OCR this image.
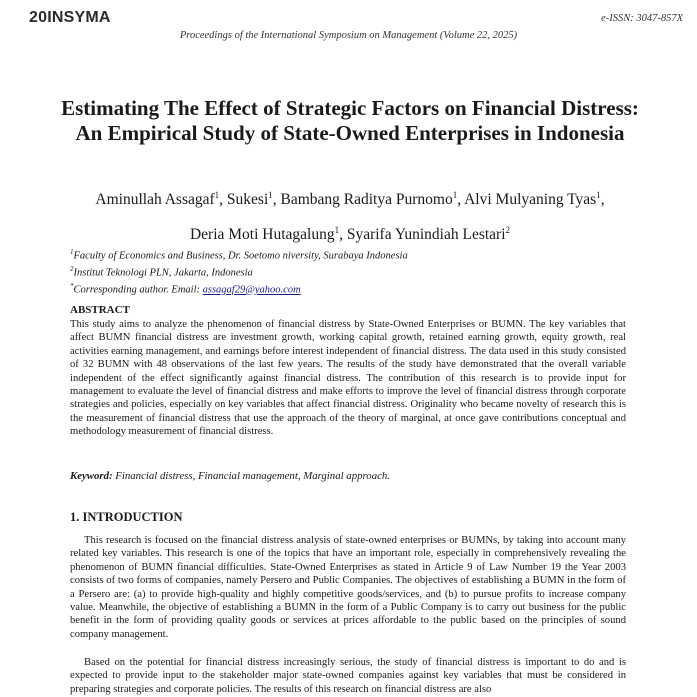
20INSYMA	e-ISSN: 3047-857X
Proceedings of the International Symposium on Management (Volume 22, 2025)
Estimating The Effect of Strategic Factors on Financial Distress: An Empirical Study of State-Owned Enterprises in Indonesia
Aminullah Assagaf$^1$, Sukesi$^1$, Bambang Raditya Purnomo$^1$, Alvi Mulyaning Tyas$^1$,
Deria Moti Hutagalung$^1$, Syarifa Yunindiah Lestari$^2$
$^1$Faculty of Economics and Business, Dr. Soetomo niversity, Surabaya Indonesia
$^2$Institut Teknologi PLN, Jakarta, Indonesia
*Corresponding author. Email: assagaf29@yahoo.com
ABSTRACT
This study aims to analyze the phenomenon of financial distress by State-Owned Enterprises or BUMN. The key variables that affect BUMN financial distress are investment growth, working capital growth, retained earning growth, equity growth, real activities earning management, and earnings before interest independent of financial distress. The data used in this study consisted of 32 BUMN with 48 observations of the last few years. The results of the study have demonstrated that the overall variable independent of the effect significantly against financial distress. The contribution of this research is to provide input for management to evaluate the level of financial distress and make efforts to improve the level of financial distress through corporate strategies and policies, especially on key variables that affect financial distress. Originality who became novelty of research this is the measurement of financial distress that use the approach of the theory of marginal, at once gave contributions conceptual and methodology measurement of financial distress.
Keyword: Financial distress, Financial management, Marginal approach.
1. INTRODUCTION
This research is focused on the financial distress analysis of state-owned enterprises or BUMNs, by taking into account many related key variables. This research is one of the topics that have an important role, especially in comprehensively revealing the phenomenon of BUMN financial difficulties. State-Owned Enterprises as stated in Article 9 of Law Number 19 the Year 2003 consists of two forms of companies, namely Persero and Public Companies. The objectives of establishing a BUMN in the form of a Persero are: (a) to provide high-quality and highly competitive goods/services, and (b) to pursue profits to increase company value. Meanwhile, the objective of establishing a BUMN in the form of a Public Company is to carry out business for the public benefit in the form of providing quality goods or services at prices affordable to the public based on the principles of sound company management.
Based on the potential for financial distress increasingly serious, the study of financial distress is important to do and is expected to provide input to the stakeholder major state-owned companies against key variables that must be considered in preparing strategies and corporate policies. The results of this research on financial distress are also
